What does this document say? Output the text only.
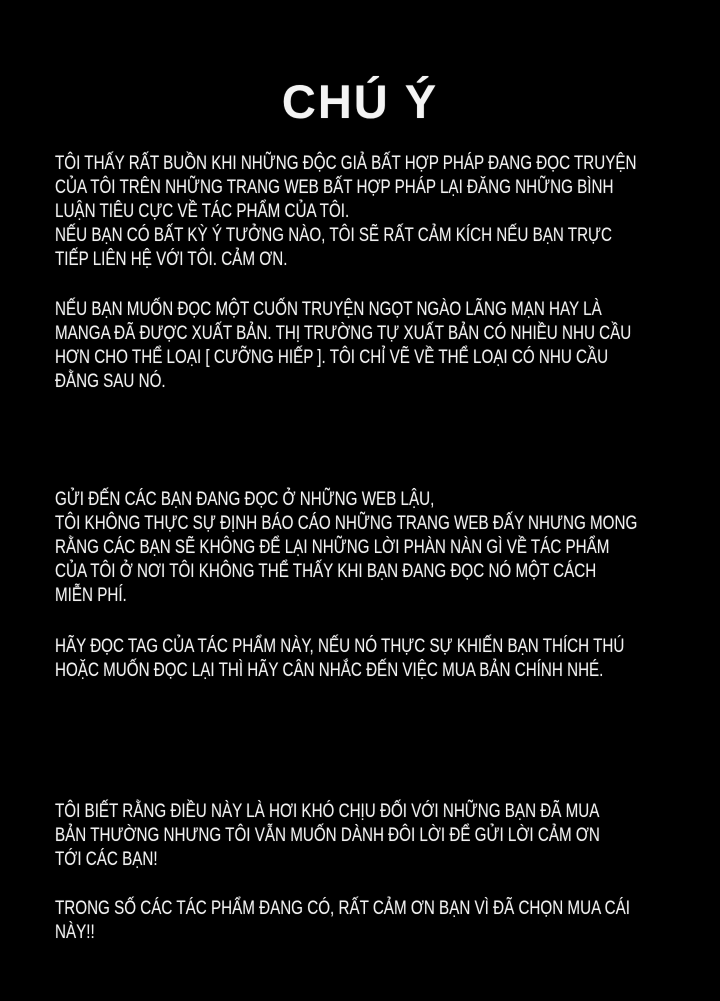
CHÚ Ý
TÔI THẤY RẤT BUỒN KHI NHỮNG ĐỘC GIẢ BẤT HỢP PHÁP ĐANG ĐỌC TRUYỆN
CỦA TÔI TRÊN NHỮNG TRANG WEB BẤT HỢP PHÁP LẠI ĐĂNG NHỮNG BÌNH
LUẬN TIÊU CỰC VỀ TÁC PHẨM CỦA TÔI.
NẾU BẠN CÓ BẤT KỲ Ý TƯỞNG NÀO, TÔI SẼ RẤT CẢM KÍCH NẾU BẠN TRỰC
TIẾP LIÊN HỆ VỚI TÔI. CẢM ƠN.
NẾU BẠN MUỐN ĐỌC MỘT CUỐN TRUYỆN NGỌT NGÀO LÃNG MẠN HAY LÀ
MANGA ĐÃ ĐƯỢC XUẤT BẢN. THỊ TRƯỜNG TỰ XUẤT BẢN CÓ NHIỀU NHU CẦU
HƠN CHO THỂ LOẠI [ CƯỠNG HIẾP ]. TÔI CHỈ VẼ VỀ THỂ LOẠI CÓ NHU CẦU
ĐẰNG SAU NÓ.
GỬI ĐẾN CÁC BẠN ĐANG ĐỌC Ở NHỮNG WEB LẬU,
TÔI KHÔNG THỰC SỰ ĐỊNH BÁO CÁO NHỮNG TRANG WEB ĐẤY NHƯNG MONG
RẰNG CÁC BẠN SẼ KHÔNG ĐỂ LẠI NHỮNG LỜI PHÀN NÀN GÌ VỀ TÁC PHẨM
CỦA TÔI Ở NƠI TÔI KHÔNG THỂ THẤY KHI BẠN ĐANG ĐỌC NÓ MỘT CÁCH
MIỄN PHÍ.
HÃY ĐỌC TAG CỦA TÁC PHẨM NÀY, NẾU NÓ THỰC SỰ KHIẾN BẠN THÍCH THÚ
HOẶC MUỐN ĐỌC LẠI THÌ HÃY CÂN NHẮC ĐẾN VIỆC MUA BẢN CHÍNH NHÉ.
TÔI BIẾT RẰNG ĐIỀU NÀY LÀ HƠI KHÓ CHỊU ĐỐI VỚI NHỮNG BẠN ĐÃ MUA
BẢN THƯỜNG NHƯNG TÔI VẪN MUỐN DÀNH ĐÔI LỜI ĐỂ GỬI LỜI CẢM ƠN
TỚI CÁC BẠN!
TRONG SỐ CÁC TÁC PHẨM ĐANG CÓ, RẤT CẢM ƠN BẠN VÌ ĐÃ CHỌN MUA CÁI
NÀY!!
